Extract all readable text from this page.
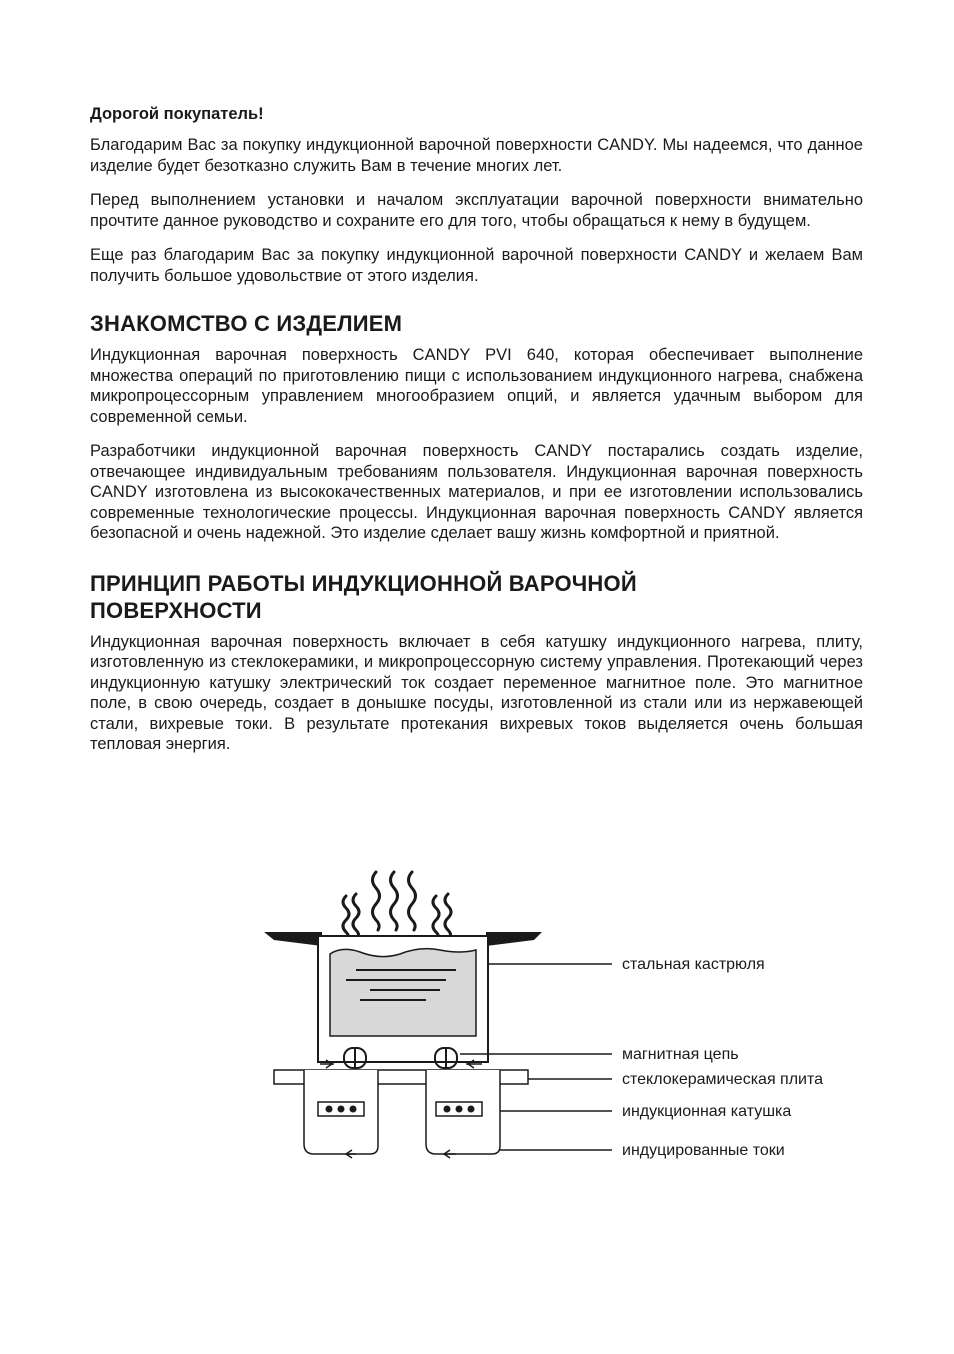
Дорогой покупатель!

Благодарим Вас за покупку индукционной варочной поверхности CANDY. Мы надеемся, что данное изделие будет безотказно служить Вам в течение многих лет.

Перед выполнением установки и началом эксплуатации варочной поверхности внимательно прочтите данное руководство и сохраните его для того, чтобы обращаться к нему в будущем.

Еще раз благодарим Вас за покупку индукционной варочной поверхности CANDY и желаем Вам получить большое удовольствие от этого изделия.

ЗНАКОМСТВО С ИЗДЕЛИЕМ

Индукционная варочная поверхность CANDY PVI 640, которая обеспечивает выполнение множества операций по приготовлению пищи с использованием индукционного нагрева, снабжена микропроцессорным управлением многообразием опций, и является удачным выбором для современной семьи.

Разработчики индукционной варочная поверхность CANDY постарались создать изделие, отвечающее индивидуальным требованиям пользователя. Индукционная варочная поверхность CANDY изготовлена из высококачественных материалов, и при ее изготовлении использовались современные технологические процессы. Индукционная варочная поверхность CANDY является безопасной и очень надежной. Это изделие сделает вашу жизнь комфортной и приятной.

ПРИНЦИП РАБОТЫ ИНДУКЦИОННОЙ ВАРОЧНОЙ
ПОВЕРХНОСТИ

Индукционная варочная поверхность включает в себя катушку индукционного нагрева, плиту, изготовленную из стеклокерамики, и микропроцессорную систему управления. Протекающий через индукционную катушку электрический ток создает переменное магнитное поле. Это магнитное поле, в свою очередь, создает в донышке посуды, изготовленной из стали или из нержавеющей стали, вихревые токи. В результате протекания вихревых токов выделяется очень большая тепловая энергия.

стальная кастрюля
магнитная цепь
стеклокерамическая плита
индукционная катушка
индуцированные токи
